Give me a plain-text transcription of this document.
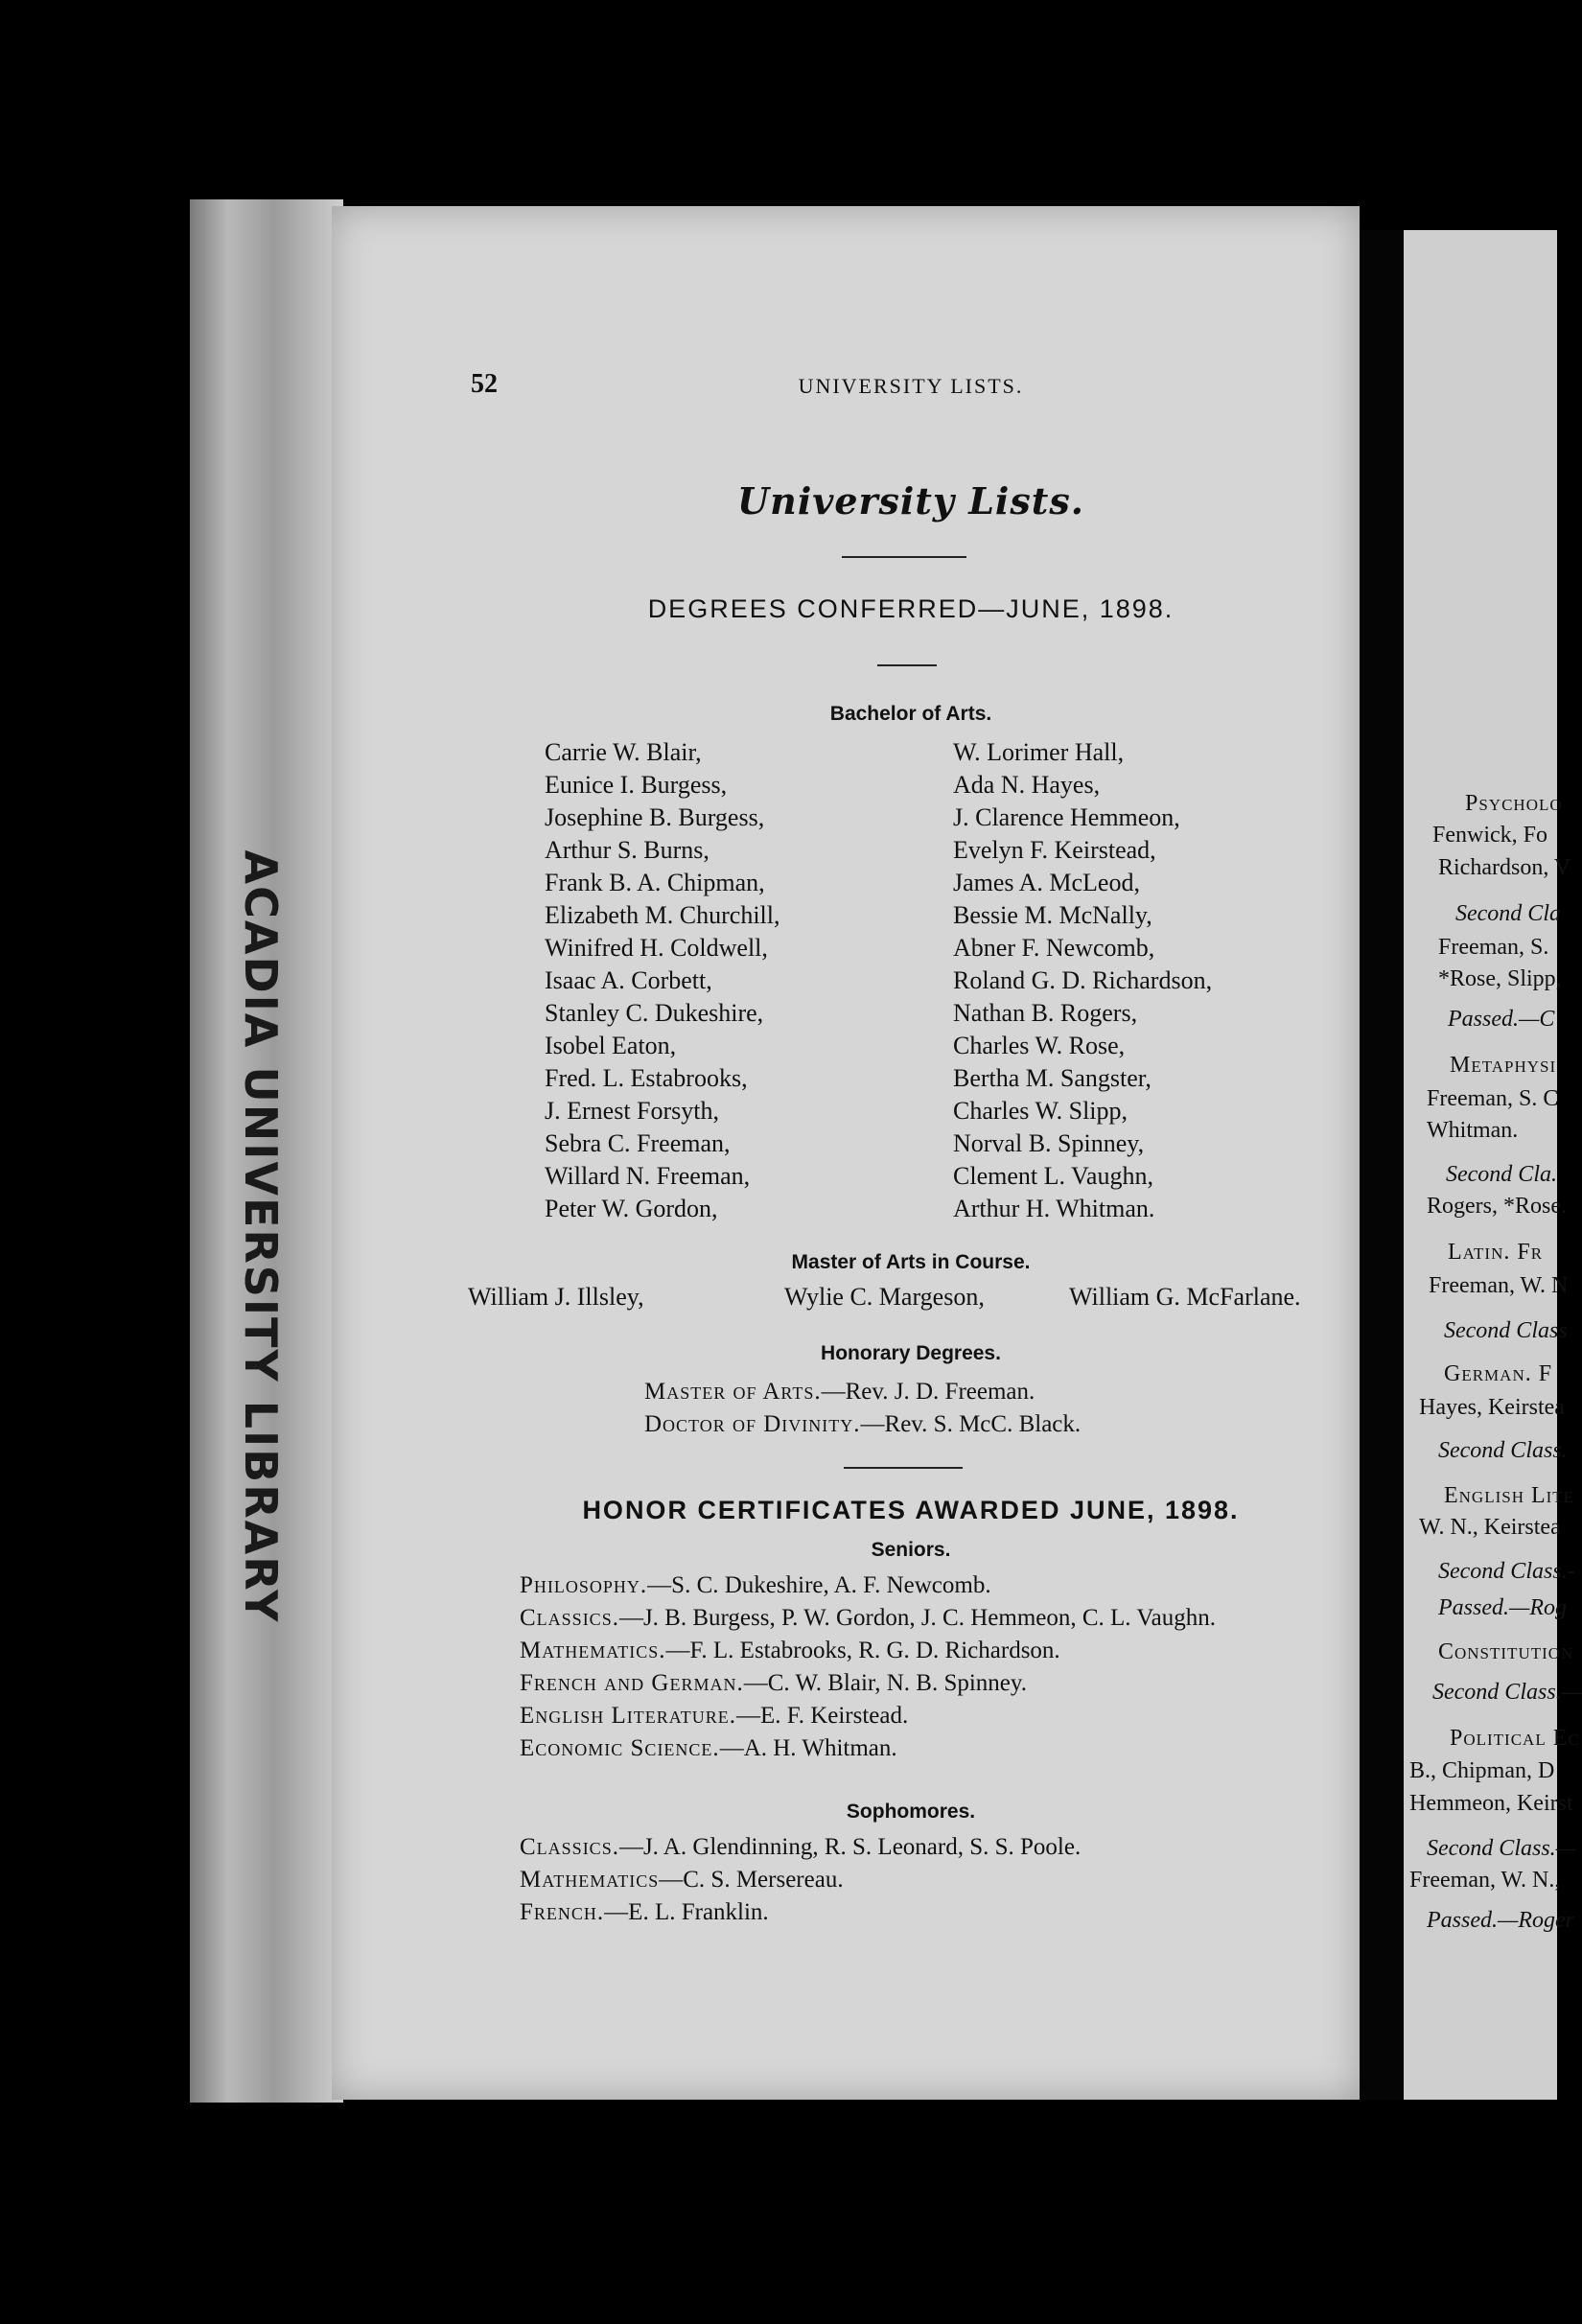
ACADIA UNIVERSITY LIBRARY
Psycholo
Fenwick, Fo
Richardson, V
Second Cla
Freeman, S.
*Rose, Slipp,
Passed.—C
Metaphysi
Freeman, S. C
Whitman.
Second Cla.
Rogers, *Rose.
Latin. Fr
Freeman, W. N
Second Class
German. F
Hayes, Keirstea
Second Class.
English Lite
W. N., Keirstea
Second Class.-
Passed.—Rog
Constitution
Second Class.—
Political Ec
B., Chipman, D
Hemmeon, Keirst
Second Class.—
Freeman, W. N.,
Passed.—Roger
52	UNIVERSITY LISTS.
University Lists.
DEGREES CONFERRED—JUNE, 1898.
Bachelor of Arts.
Carrie W. Blair,
Eunice I. Burgess,
Josephine B. Burgess,
Arthur S. Burns,
Frank B. A. Chipman,
Elizabeth M. Churchill,
Winifred H. Coldwell,
Isaac A. Corbett,
Stanley C. Dukeshire,
Isobel Eaton,
Fred. L. Estabrooks,
J. Ernest Forsyth,
Sebra C. Freeman,
Willard N. Freeman,
Peter W. Gordon,
W. Lorimer Hall,
Ada N. Hayes,
J. Clarence Hemmeon,
Evelyn F. Keirstead,
James A. McLeod,
Bessie M. McNally,
Abner F. Newcomb,
Roland G. D. Richardson,
Nathan B. Rogers,
Charles W. Rose,
Bertha M. Sangster,
Charles W. Slipp,
Norval B. Spinney,
Clement L. Vaughn,
Arthur H. Whitman.
Master of Arts in Course.
William J. Illsley,	Wylie C. Margeson,	William G. McFarlane.
Honorary Degrees.
Master of Arts.—Rev. J. D. Freeman.
Doctor of Divinity.—Rev. S. McC. Black.
HONOR CERTIFICATES AWARDED JUNE, 1898.
Seniors.
Philosophy.—S. C. Dukeshire, A. F. Newcomb.
Classics.—J. B. Burgess, P. W. Gordon, J. C. Hemmeon, C. L. Vaughn.
Mathematics.—F. L. Estabrooks, R. G. D. Richardson.
French and German.—C. W. Blair, N. B. Spinney.
English Literature.—E. F. Keirstead.
Economic Science.—A. H. Whitman.
Sophomores.
Classics.—J. A. Glendinning, R. S. Leonard, S. S. Poole.
Mathematics—C. S. Mersereau.
French.—E. L. Franklin.
